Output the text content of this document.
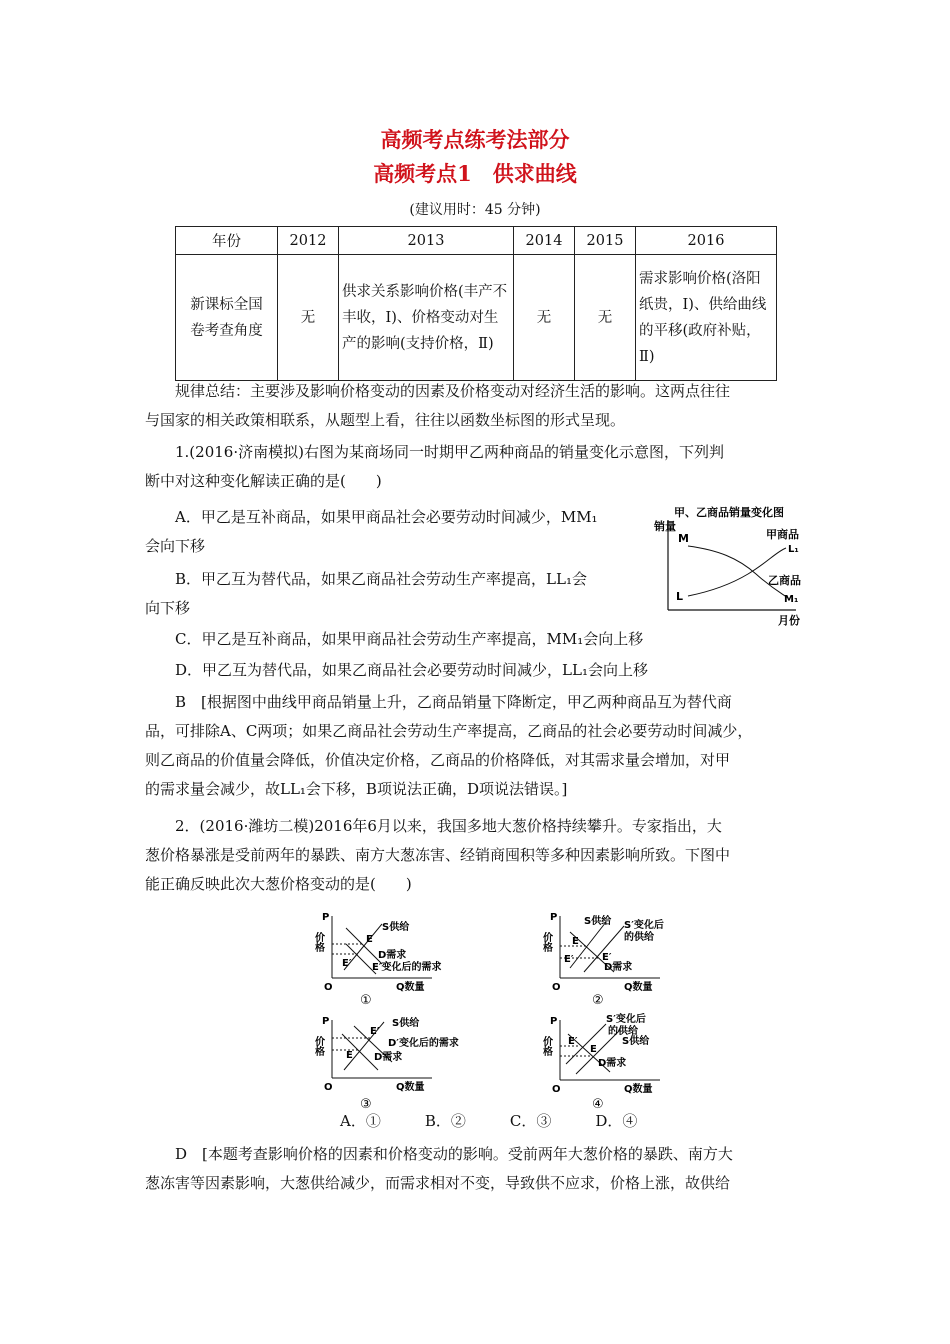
高频考点练考法部分
高频考点1　供求曲线
(建议用时：45 分钟)
年份	2012	2013	2014	2015	2016
新课标全国卷考查角度	无	供求关系影响价格(丰产不丰收，Ⅰ)、价格变动对生产的影响(支持价格，Ⅱ)	无	无	需求影响价格(洛阳纸贵，Ⅰ)、供给曲线的平移(政府补贴，Ⅱ)
规律总结：主要涉及影响价格变动的因素及价格变动对经济生活的影响。这两点往往
与国家的相关政策相联系，从题型上看，往往以函数坐标图的形式呈现。
1.(2016·济南模拟)右图为某商场同一时期甲乙两种商品的销量变化示意图，下列判
断中对这种变化解读正确的是(　　)
A．甲乙是互补商品，如果甲商品社会必要劳动时间减少，MM₁
会向下移
B．甲乙互为替代品，如果乙商品社会劳动生产率提高，LL₁会
向下移
C．甲乙是互补商品，如果甲商品社会劳动生产率提高，MM₁会向上移
D．甲乙互为替代品，如果乙商品社会必要劳动时间减少，LL₁会向上移
甲、乙商品销量变化图
销量
月份
M
L
甲商品
L₁
乙商品
M₁
B　[根据图中曲线甲商品销量上升，乙商品销量下降断定，甲乙两种商品互为替代商
品，可排除A、C两项；如果乙商品社会劳动生产率提高，乙商品的社会必要劳动时间减少，
则乙商品的价值量会降低，价值决定价格，乙商品的价格降低，对其需求量会增加，对甲
的需求量会减少，故LL₁会下移，B项说法正确，D项说法错误。]
2．(2016·潍坊二模)2016年6月以来，我国多地大葱价格持续攀升。专家指出，大
葱价格暴涨是受前两年的暴跌、南方大葱冻害、经销商囤积等多种因素影响所致。下图中
能正确反映此次大葱价格变动的是(　　)
P
价格
O	Q数量
S供给
E
D需求
E′ E′变化后的需求
①
P
价格
O	Q数量
S供给 S′变化后
的供给
E
E′	E′
D需求
②
P
价格
O	Q数量
S供给
E′
D′变化后的需求
E D需求
③
P
价格
O	Q数量
S′变化后
的供给
S供给
E′
E
D需求
④
A．①	B．②	C．③	D．④
D　[本题考查影响价格的因素和价格变动的影响。受前两年大葱价格的暴跌、南方大
葱冻害等因素影响，大葱供给减少，而需求相对不变，导致供不应求，价格上涨，故供给
